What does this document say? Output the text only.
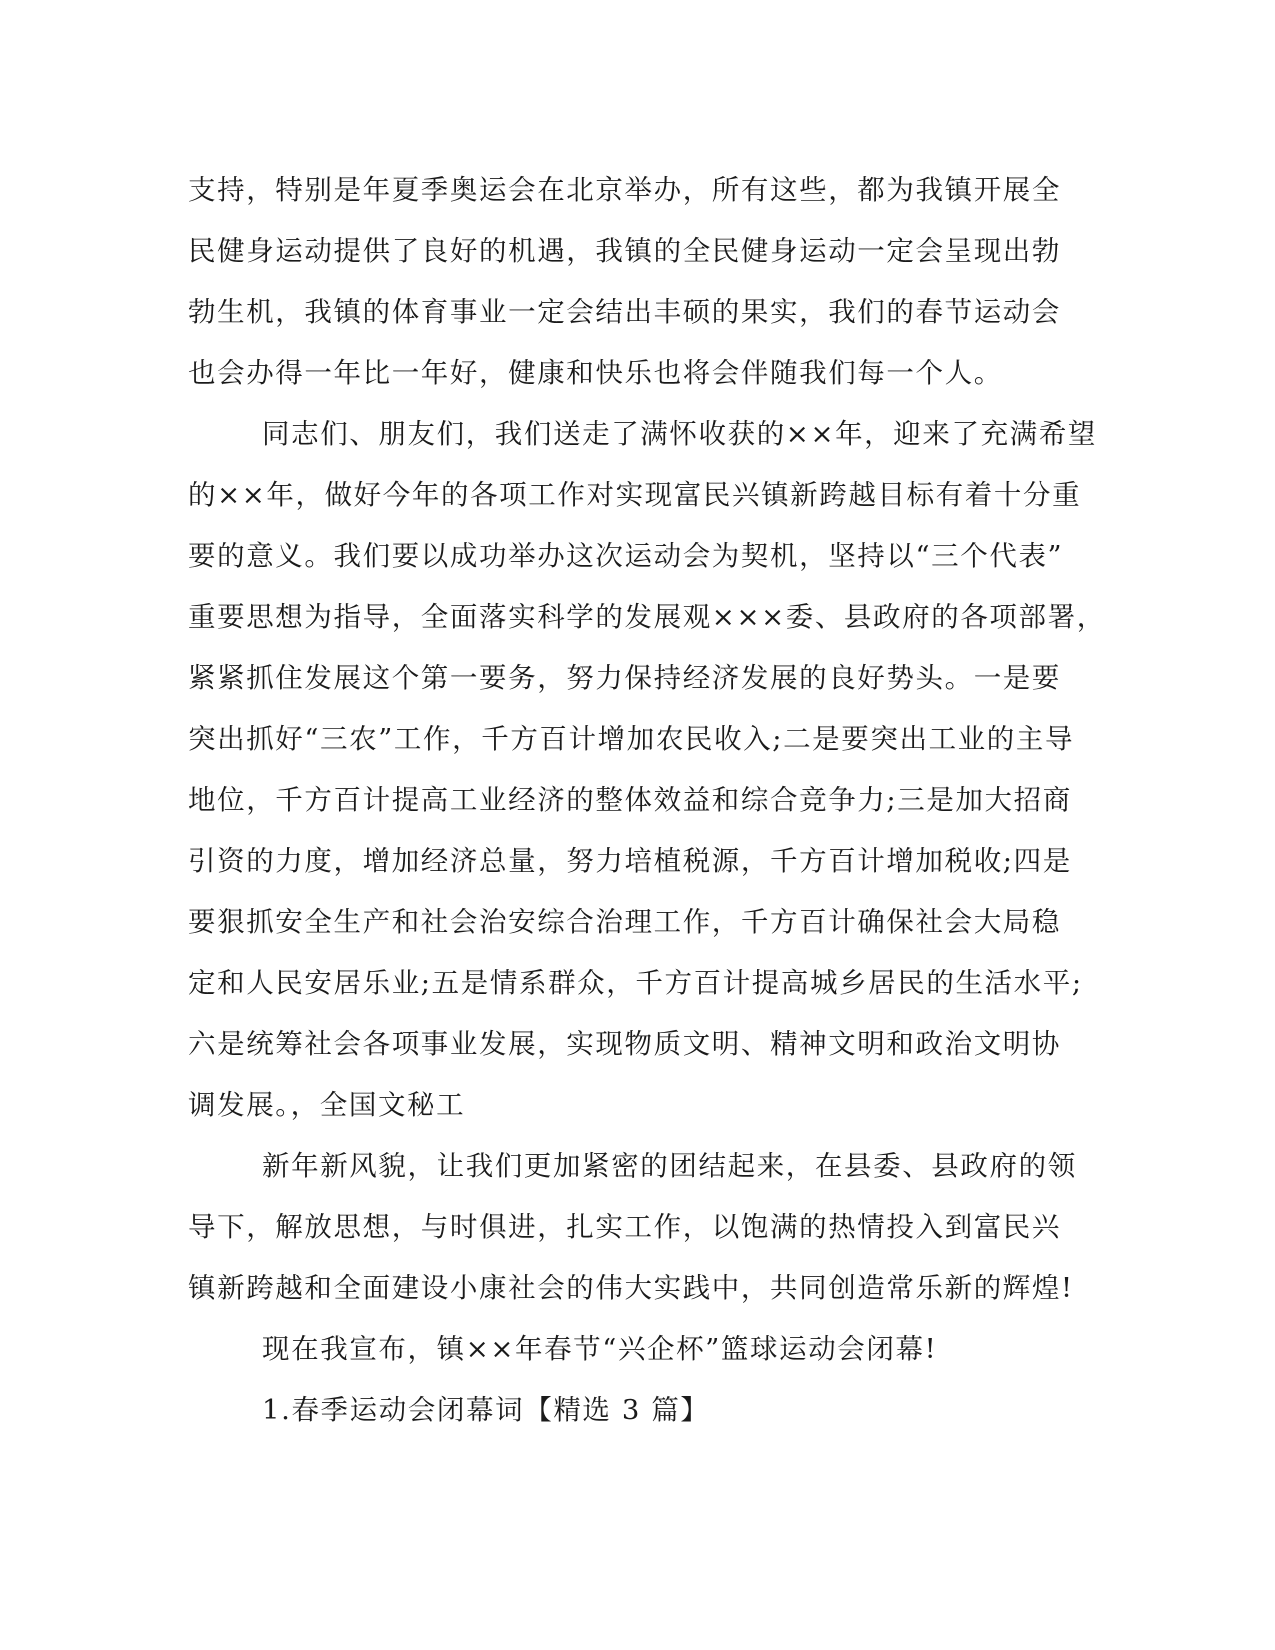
支持，特别是年夏季奥运会在北京举办，所有这些，都为我镇开展全
民健身运动提供了良好的机遇，我镇的全民健身运动一定会呈现出勃
勃生机，我镇的体育事业一定会结出丰硕的果实，我们的春节运动会
也会办得一年比一年好，健康和快乐也将会伴随我们每一个人。
同志们、朋友们，我们送走了满怀收获的××年，迎来了充满希望
的××年，做好今年的各项工作对实现富民兴镇新跨越目标有着十分重
要的意义。我们要以成功举办这次运动会为契机，坚持以“三个代表”
重要思想为指导，全面落实科学的发展观×××委、县政府的各项部署，
紧紧抓住发展这个第一要务，努力保持经济发展的良好势头。一是要
突出抓好“三农”工作，千方百计增加农民收入;二是要突出工业的主导
地位，千方百计提高工业经济的整体效益和综合竞争力;三是加大招商
引资的力度，增加经济总量，努力培植税源，千方百计增加税收;四是
要狠抓安全生产和社会治安综合治理工作，千方百计确保社会大局稳
定和人民安居乐业;五是情系群众，千方百计提高城乡居民的生活水平;
六是统筹社会各项事业发展，实现物质文明、精神文明和政治文明协
调发展。，全国文秘工
新年新风貌，让我们更加紧密的团结起来，在县委、县政府的领
导下，解放思想，与时俱进，扎实工作，以饱满的热情投入到富民兴
镇新跨越和全面建设小康社会的伟大实践中，共同创造常乐新的辉煌!
现在我宣布，镇××年春节“兴企杯”篮球运动会闭幕!
1.春季运动会闭幕词【精选 3 篇】
